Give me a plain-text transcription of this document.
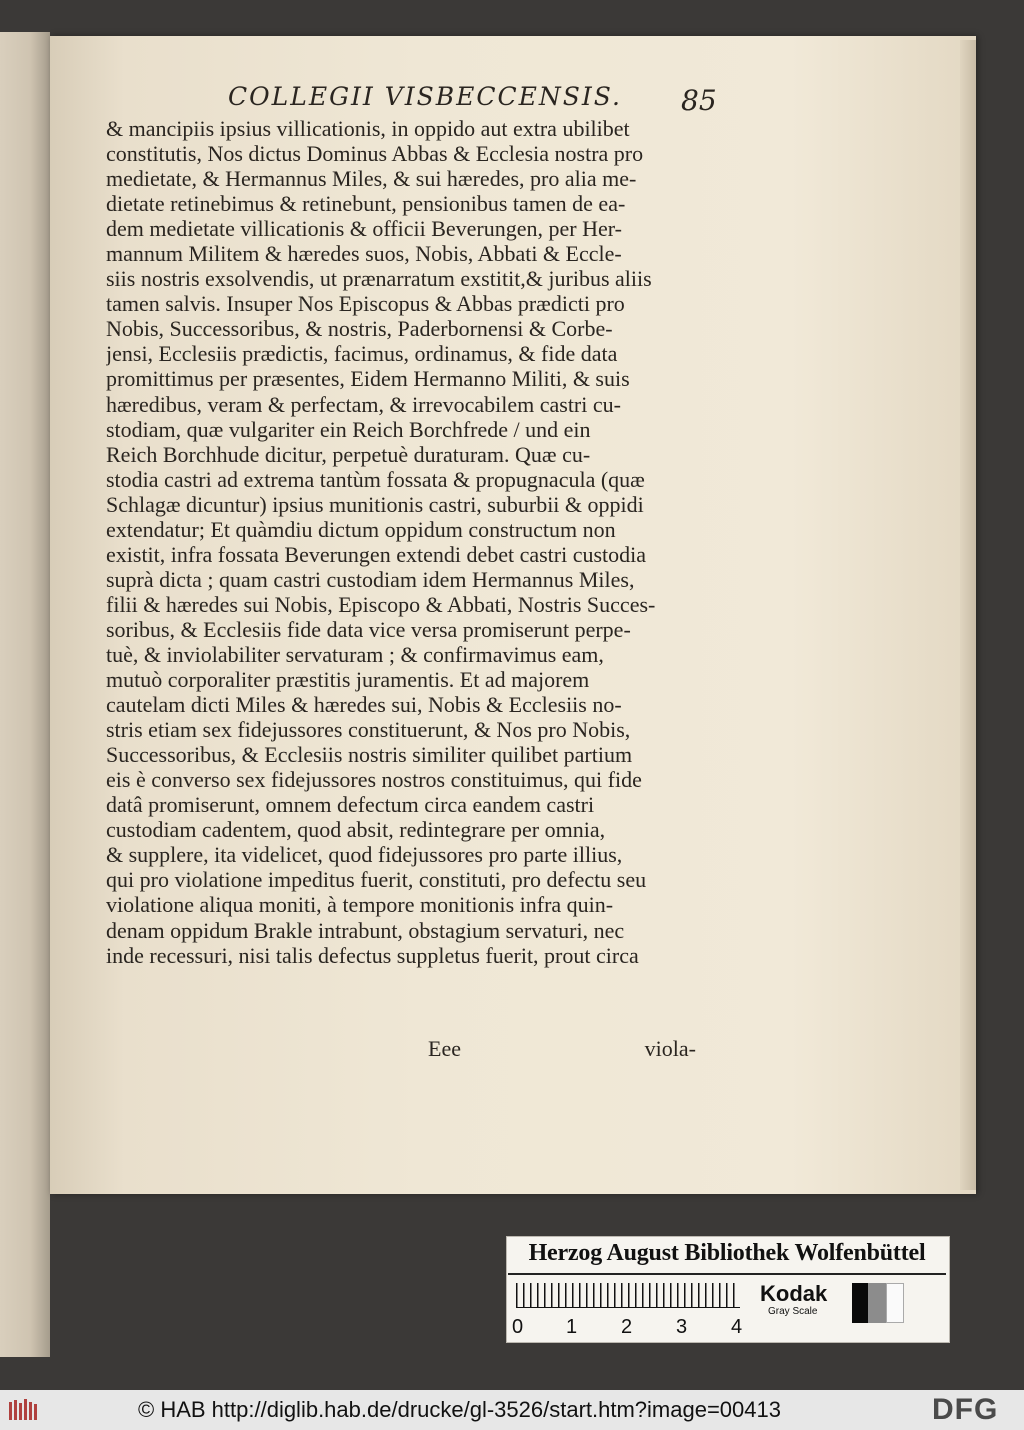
COLLEGII VISBECCENSIS. 85
& mancipiis ipsius villicationis, in oppido aut extra ubilibet
constitutis, Nos dictus Dominus Abbas & Ecclesia nostra pro
medietate, & Hermannus Miles, & sui hæredes, pro alia me-
dietate retinebimus & retinebunt, pensionibus tamen de ea-
dem medietate villicationis & officii Beverungen, per Her-
mannum Militem & hæredes suos, Nobis, Abbati & Eccle-
siis nostris exsolvendis, ut prænarratum exstitit,& juribus aliis
tamen salvis. Insuper Nos Episcopus & Abbas prædicti pro
Nobis, Successoribus, & nostris, Paderbornensi & Corbe-
jensi, Ecclesiis prædictis, facimus, ordinamus, & fide data
promittimus per præsentes, Eidem Hermanno Militi, & suis
hæredibus, veram & perfectam, & irrevocabilem castri cu-
stodiam, quæ vulgariter ein Reich Borchfrede / und ein
Reich Borchhude dicitur, perpetuè duraturam. Quæ cu-
stodia castri ad extrema tantùm fossata & propugnacula (quæ
Schlagæ dicuntur) ipsius munitionis castri, suburbii & oppidi
extendatur; Et quàmdiu dictum oppidum constructum non
existit, infra fossata Beverungen extendi debet castri custodia
suprà dicta ; quam castri custodiam idem Hermannus Miles,
filii & hæredes sui Nobis, Episcopo & Abbati, Nostris Succes-
soribus, & Ecclesiis fide data vice versa promiserunt perpe-
tuè, & inviolabiliter servaturam ; & confirmavimus eam,
mutuò corporaliter præstitis juramentis. Et ad majorem
cautelam dicti Miles & hæredes sui, Nobis & Ecclesiis no-
stris etiam sex fidejussores constituerunt, & Nos pro Nobis,
Successoribus, & Ecclesiis nostris similiter quilibet partium
eis è converso sex fidejussores nostros constituimus, qui fide
datâ promiserunt, omnem defectum circa eandem castri
custodiam cadentem, quod absit, redintegrare per omnia,
& supplere, ita videlicet, quod fidejussores pro parte illius,
qui pro violatione impeditus fuerit, constituti, pro defectu seu
violatione aliqua moniti, à tempore monitionis infra quin-
denam oppidum Brakle intrabunt, obstagium servaturi, nec
inde recessuri, nisi talis defectus suppletus fuerit, prout circa
Eee	viola-
Herzog August Bibliothek Wolfenbüttel
0 1 2 3 4
Kodak
Gray Scale
© HAB http://diglib.hab.de/drucke/gl-3526/start.htm?image=00413	DFG
